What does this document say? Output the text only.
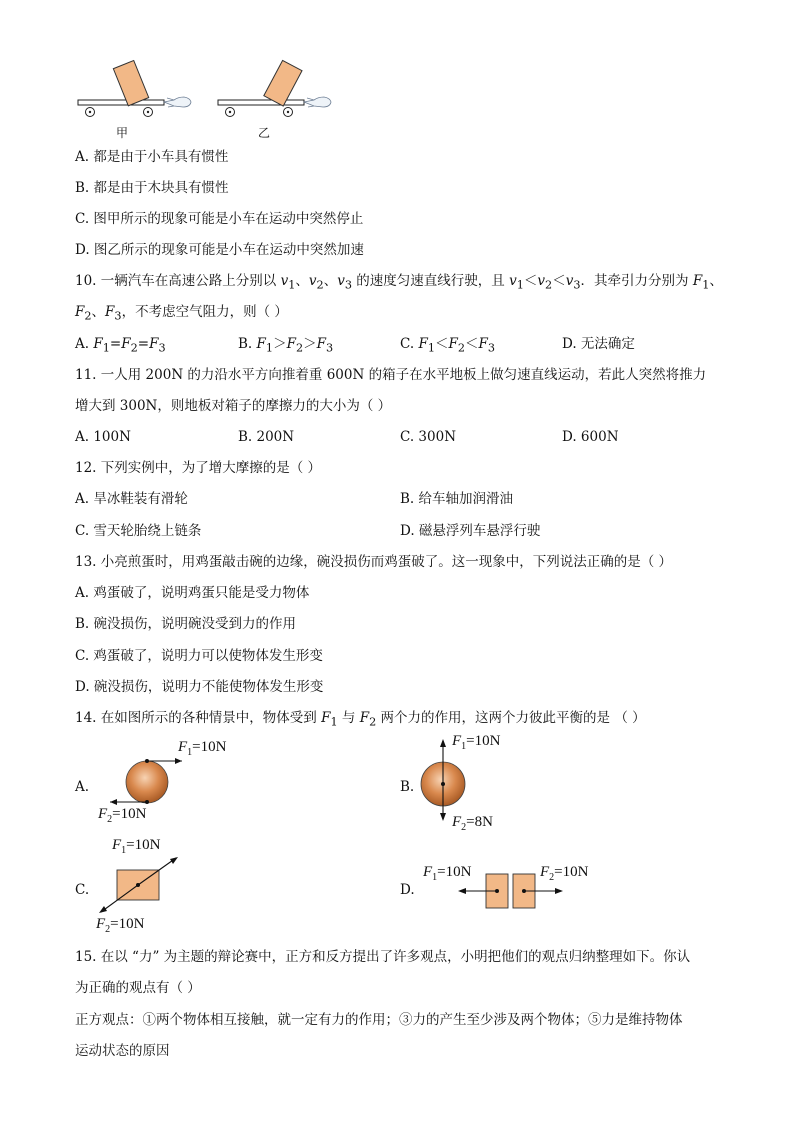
甲	乙
A. 都是由于小车具有惯性
B. 都是由于木块具有惯性
C. 图甲所示的现象可能是小车在运动中突然停止
D. 图乙所示的现象可能是小车在运动中突然加速
10. 一辆汽车在高速公路上分别以 $v_1$、$v_2$、$v_3$ 的速度匀速直线行驶，且 $v_1<v_2<v_3$．其牵引力分别为 $F_1$、
$F_2$、$F_3$，不考虑空气阻力，则（ ）
A. $F_1=F_2=F_3$	B. $F_1>F_2>F_3$	C. $F_1<F_2<F_3$	D. 无法确定
11. 一人用 200N 的力沿水平方向推着重 600N 的箱子在水平地板上做匀速直线运动，若此人突然将推力
增大到 300N，则地板对箱子的摩擦力的大小为（ ）
A. 100N	B. 200N	C. 300N	D. 600N
12. 下列实例中，为了增大摩擦的是（ ）
A. 旱冰鞋装有滑轮	B. 给车轴加润滑油
C. 雪天轮胎绕上链条	D. 磁悬浮列车悬浮行驶
13. 小亮煎蛋时，用鸡蛋敲击碗的边缘，碗没损伤而鸡蛋破了。这一现象中，下列说法正确的是（ ）
A. 鸡蛋破了，说明鸡蛋只能是受力物体
B. 碗没损伤，说明碗没受到力的作用
C. 鸡蛋破了，说明力可以使物体发生形变
D. 碗没损伤，说明力不能使物体发生形变
14. 在如图所示的各种情景中，物体受到 $F_1$ 与 $F_2$ 两个力的作用，这两个力彼此平衡的是 （ ）
A.
$F_1=10N$
$F_2=10N$
B.
$F_1=10N$
$F_2=8N$
C.
$F_1=10N$
$F_2=10N$
D.
$F_1=10N$	$F_2=10N$
15. 在以 “力” 为主题的辩论赛中，正方和反方提出了许多观点，小明把他们的观点归纳整理如下。你认
为正确的观点有（ ）
正方观点：①两个物体相互接触，就一定有力的作用；③力的产生至少涉及两个物体；⑤力是维持物体
运动状态的原因
